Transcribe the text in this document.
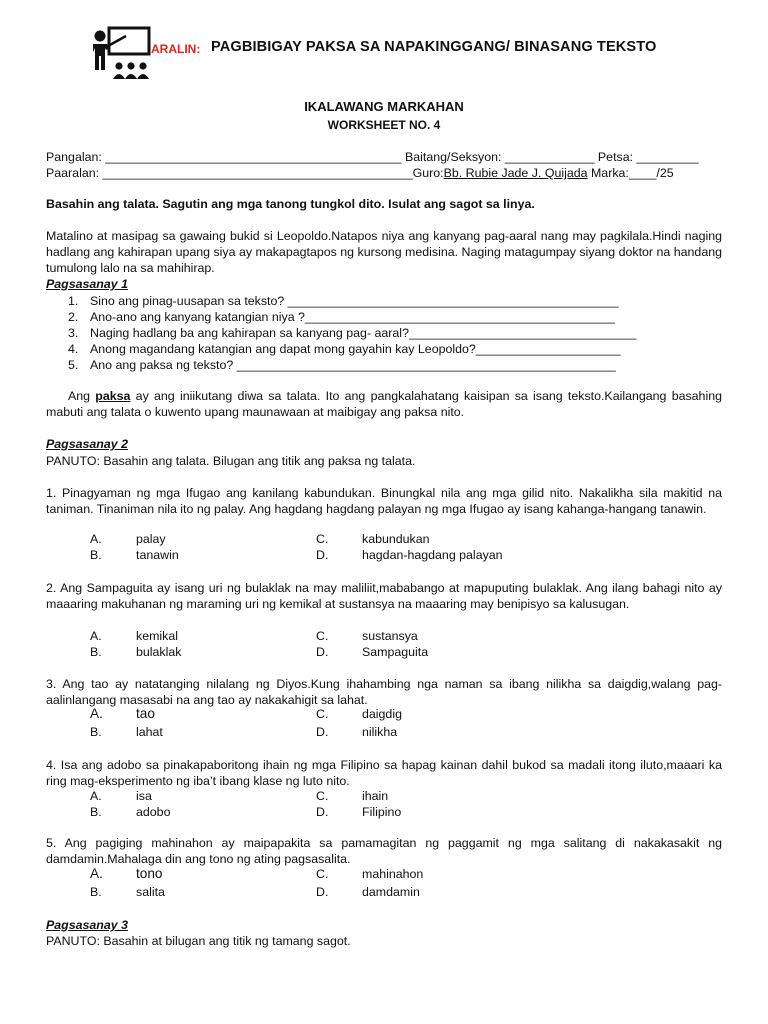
ARALIN: PAGBIBIGAY PAKSA SA NAPAKINGGANG/ BINASANG TEKSTO
IKALAWANG MARKAHAN
WORKSHEET NO. 4
Pangalan: ___________________________________________ Baitang/Seksyon: _____________ Petsa: _________
Paaralan: _____________________________________________Guro:Bb. Rubie Jade J. Quijada Marka:____/25
Basahin ang talata. Sagutin ang mga tanong tungkol dito. Isulat ang sagot sa linya.
Matalino at masipag sa gawaing bukid si Leopoldo.Natapos niya ang kanyang pag-aaral nang may pagkilala.Hindi naging hadlang ang kahirapan upang siya ay makapagtapos ng kursong medisina. Naging matagumpay siyang doktor na handang tumulong lalo na sa mahihirap.
Pagsasanay 1
1. Sino ang pinag-uusapan sa teksto? ________________________________________________
2. Ano-ano ang kanyang katangian niya ?_____________________________________________
3. Naging hadlang ba ang kahirapan sa kanyang pag- aaral?_________________________________
4. Anong magandang katangian ang dapat mong gayahin kay Leopoldo?_____________________
5. Ano ang paksa ng teksto? _______________________________________________________
Ang paksa ay ang iniikutang diwa sa talata. Ito ang pangkalahatang kaisipan sa isang teksto.Kailangang basahing mabuti ang talata o kuwento upang maunawaan at maibigay ang paksa nito.
Pagsasanay 2
PANUTO: Basahin ang talata. Bilugan ang titik ang paksa ng talata.
1. Pinagyaman ng mga Ifugao ang kanilang kabundukan. Binungkal nila ang mga gilid nito. Nakalikha sila makitid na taniman. Tinaniman nila ito ng palay. Ang hagdang hagdang palayan ng mga Ifugao ay isang kahanga-hangang tanawin.
A.	palay	C.	kabundukan
B.	tanawin	D.	hagdan-hagdang palayan
2. Ang Sampaguita ay isang uri ng bulaklak na may maliliit,mababango at mapuputing bulaklak. Ang ilang bahagi nito ay maaaring makuhanan ng maraming uri ng kemikal at sustansya na maaaring may benipisyo sa kalusugan.
A.	kemikal	C.	sustansya
B.	bulaklak	D.	Sampaguita
3. Ang tao ay natatanging nilalang ng Diyos.Kung ihahambing nga naman sa ibang nilikha sa daigdig,walang pag-aalinlangang masasabi na ang tao ay nakakahigit sa lahat.
A. tao	C.	daigdig
B.	lahat	D.	nilikha
4. Isa ang adobo sa pinakapaboritong ihain ng mga Filipino sa hapag kainan dahil bukod sa madali itong iluto,maaari ka ring mag-eksperimento ng iba’t ibang klase ng luto nito.
A.	isa	C.	ihain
B.	adobo	D.	Filipino
5. Ang pagiging mahinahon ay maipapakita sa pamamagitan ng paggamit ng mga salitang di nakakasakit ng damdamin.Mahalaga din ang tono ng ating pagsasalita.
A. tono	C.	mahinahon
B.	salita	D.	damdamin
Pagsasanay 3
PANUTO: Basahin at bilugan ang titik ng tamang sagot.
